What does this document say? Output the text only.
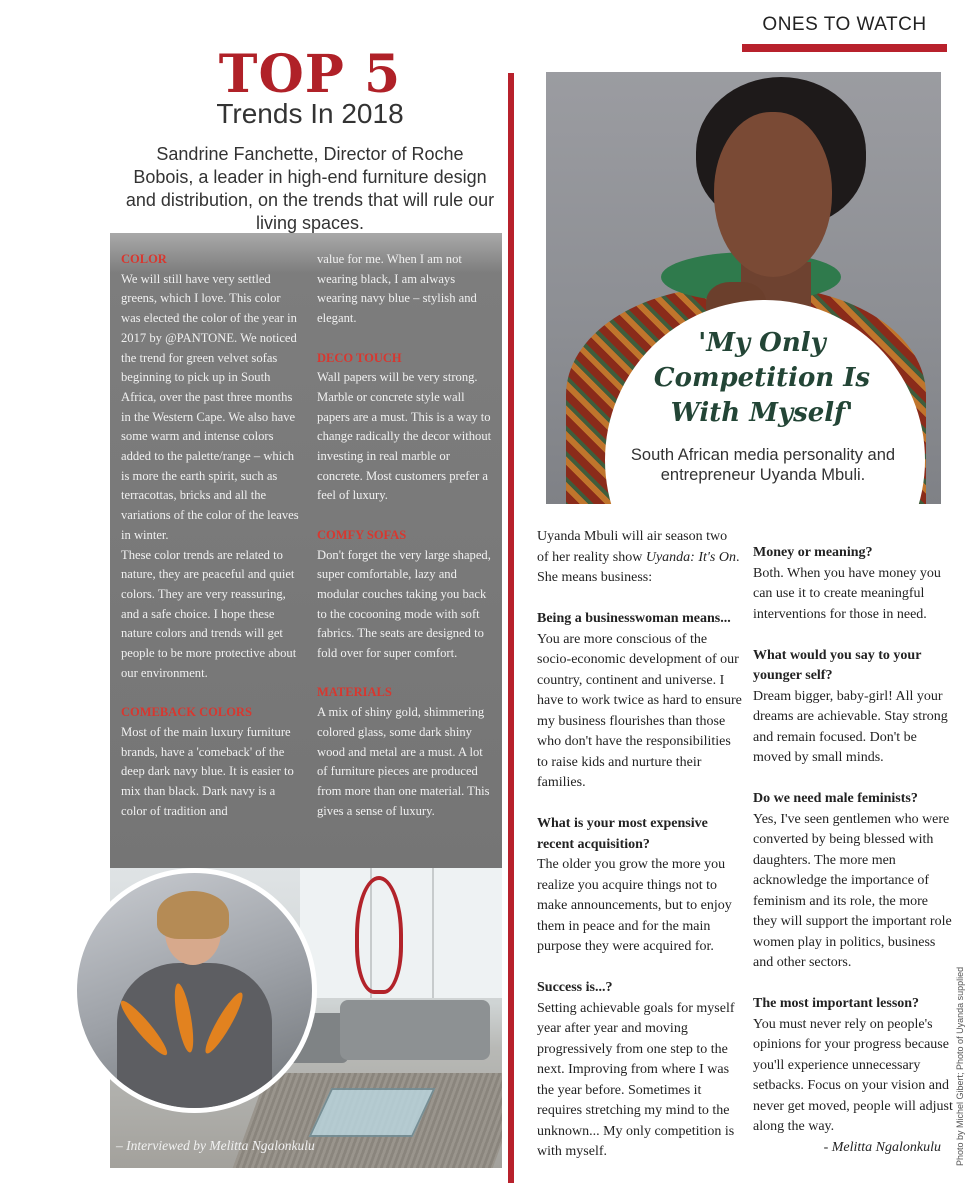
ONES TO WATCH
TOP 5
Trends In 2018
Sandrine Fanchette, Director of Roche Bobois, a leader in high-end furniture design and distribution, on the trends that will rule our living spaces.

COLOR

We will still have very settled greens, which I love. This color was elected the color of the year in 2017 by @PANTONE. We noticed the trend for green velvet sofas beginning to pick up in South Africa, over the past three months in the Western Cape. We also have some warm and intense colors added to the palette/range – which is more the earth spirit, such as terracottas, bricks and all the variations of the color of the leaves in winter.

These color trends are related to nature, they are peaceful and quiet colors. They are very reassuring, and a safe choice. I hope these nature colors and trends will get people to be more protective about our environment.

COMEBACK COLORS

Most of the main luxury furniture brands, have a 'comeback' of the deep dark navy blue. It is easier to mix than black. Dark navy is a color of tradition and

value for me. When I am not wearing black, I am always wearing navy blue – stylish and elegant.

DECO TOUCH

Wall papers will be very strong. Marble or concrete style wall papers are a must. This is a way to change radically the decor without investing in real marble or concrete. Most customers prefer a feel of luxury.

COMFY SOFAS

Don't forget the very large shaped, super comfortable, lazy and modular couches taking you back to the cocooning mode with soft fabrics. The seats are designed to fold over for super comfort.

MATERIALS

A mix of shiny gold, shimmering colored glass, some dark shiny wood and metal are a must. A lot of furniture pieces are produced from more than one material. This gives a sense of luxury.

– Interviewed by Melitta Ngalonkulu
'My Only Competition Is With Myself'
South African media personality and entrepreneur Uyanda Mbuli.

Uyanda Mbuli will air season two of her reality show Uyanda: It's On. She means business:

Being a businesswoman means...

You are more conscious of the socio-economic development of our country, continent and universe. I have to work twice as hard to ensure my business flourishes than those who don't have the responsibilities to raise kids and nurture their families.

What is your most expensive recent acquisition?

The older you grow the more you realize you acquire things not to make announcements, but to enjoy them in peace and for the main purpose they were acquired for.

Success is...?

Setting achievable goals for myself year after year and moving progressively from one step to the next. Improving from where I was the year before. Sometimes it requires stretching my mind to the unknown... My only competition is with myself.

Money or meaning?

Both. When you have money you can use it to create meaningful interventions for those in need.

What would you say to your younger self?

Dream bigger, baby-girl! All your dreams are achievable. Stay strong and remain focused. Don't be moved by small minds.

Do we need male feminists?

Yes, I've seen gentlemen who were converted by being blessed with daughters. The more men acknowledge the importance of feminism and its role, the more they will support the important role women play in politics, business and other sectors.

The most important lesson?

You must never rely on people's opinions for your progress because you'll experience unnecessary setbacks. Focus on your vision and never get moved, people will adjust along the way.

- Melitta Ngalonkulu	Photo by Michel Gibert; Photo of Uyanda supplied
